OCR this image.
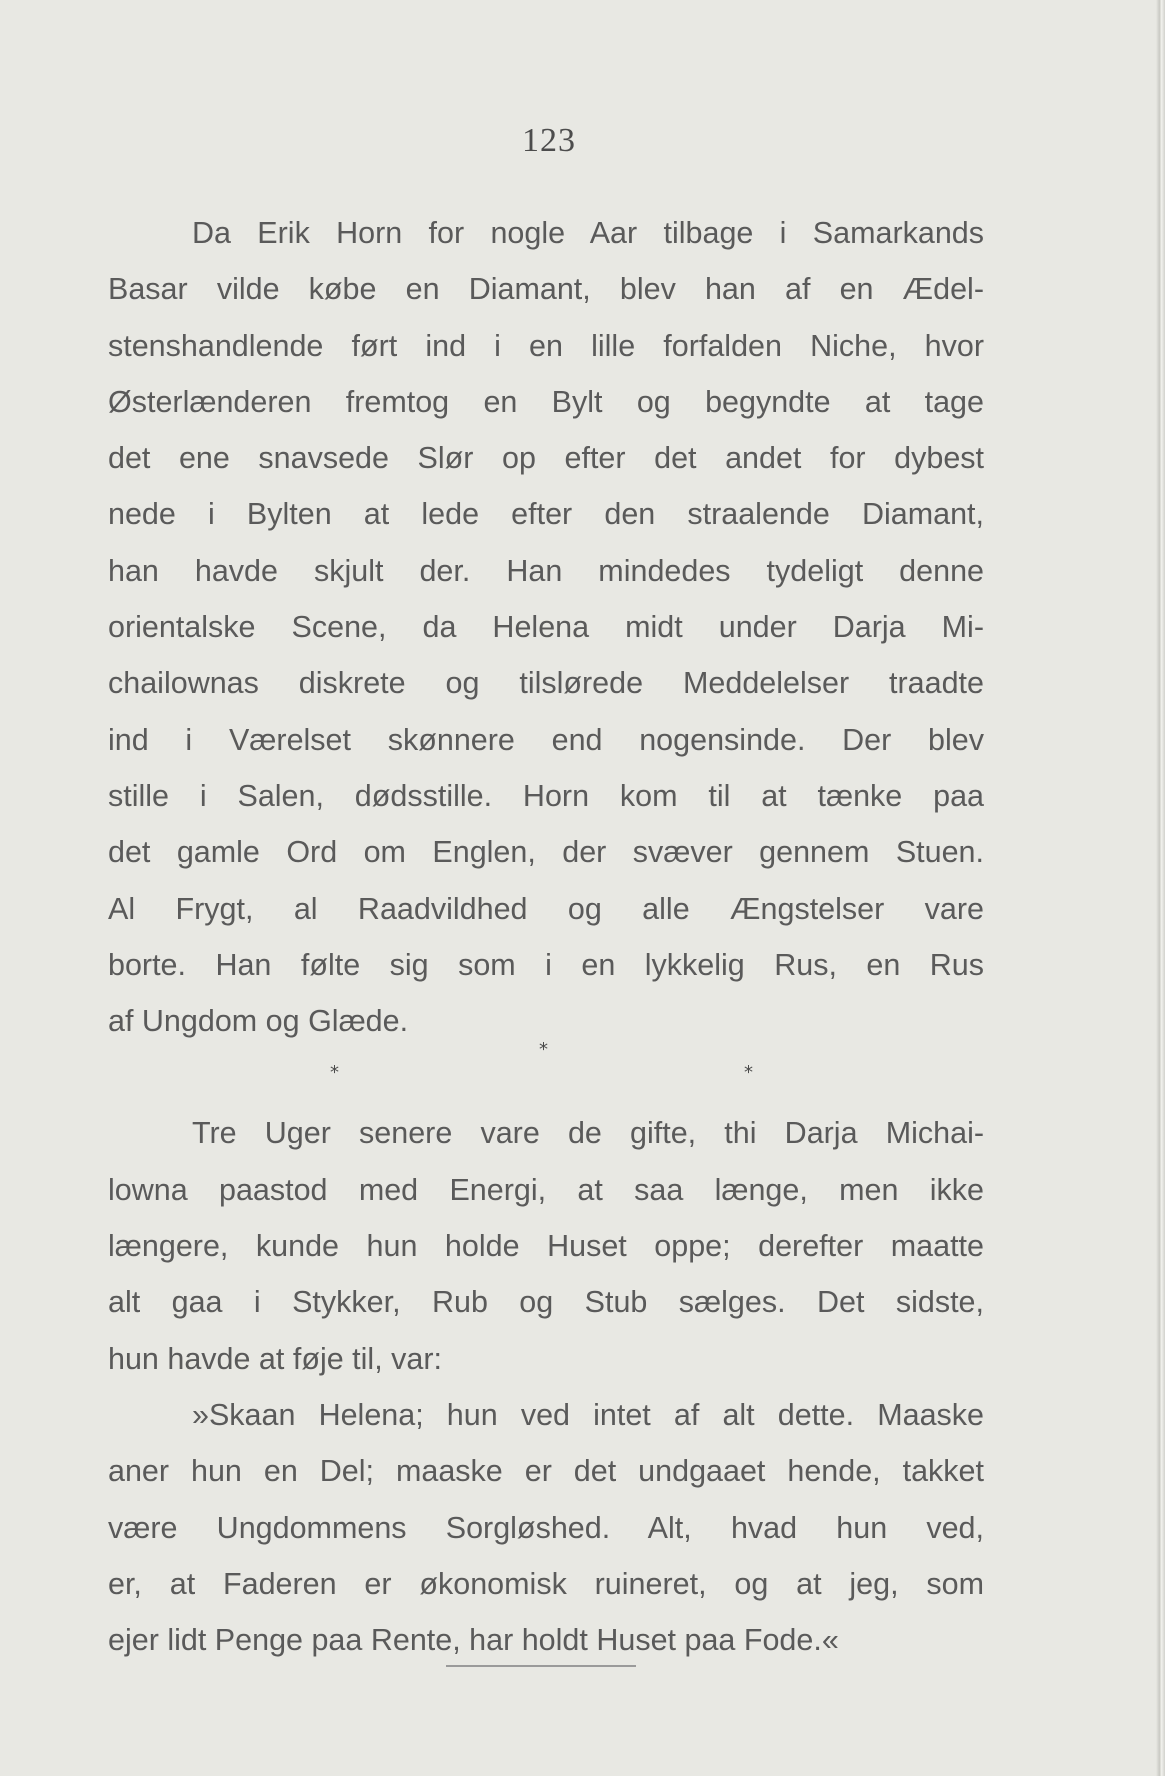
123
Da Erik Horn for nogle Aar tilbage i Samarkands
Basar vilde købe en Diamant, blev han af en Ædel-
stenshandlende ført ind i en lille forfalden Niche, hvor
Østerlænderen fremtog en Bylt og begyndte at tage
det ene snavsede Slør op efter det andet for dybest
nede i Bylten at lede efter den straalende Diamant,
han havde skjult der. Han mindedes tydeligt denne
orientalske Scene, da Helena midt under Darja Mi-
chailownas diskrete og tilslørede Meddelelser traadte
ind i Værelset skønnere end nogensinde. Der blev
stille i Salen, dødsstille. Horn kom til at tænke paa
det gamle Ord om Englen, der svæver gennem Stuen.
Al Frygt, al Raadvildhed og alle Ængstelser vare
borte. Han følte sig som i en lykkelig Rus, en Rus
af Ungdom og Glæde.
Tre Uger senere vare de gifte, thi Darja Michai-
lowna paastod med Energi, at saa længe, men ikke
længere, kunde hun holde Huset oppe; derefter maatte
alt gaa i Stykker, Rub og Stub sælges. Det sidste,
hun havde at føje til, var:
»Skaan Helena; hun ved intet af alt dette. Maaske
aner hun en Del; maaske er det undgaaet hende, takket
være Ungdommens Sorgløshed. Alt, hvad hun ved,
er, at Faderen er økonomisk ruineret, og at jeg, som
ejer lidt Penge paa Rente, har holdt Huset paa Fode.«
*
*	*
